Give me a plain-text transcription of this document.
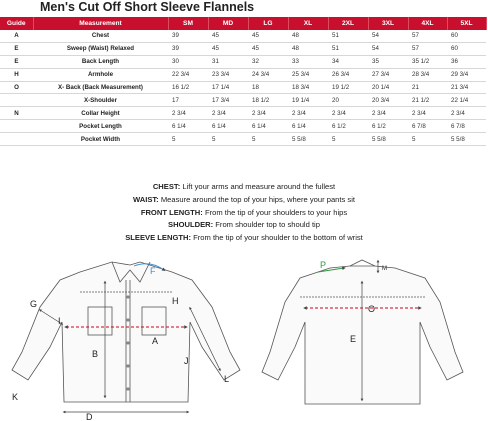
Men's Cut Off Short Sleeve Flannels
Guide	Measurement	SM	MD	LG	XL	2XL	3XL	4XL	5XL
A	Chest	39	45	45	48	51	54	57	60
E	Sweep (Waist) Relaxed	39	45	45	48	51	54	57	60
E	Back Length	30	31	32	33	34	35	35 1/2	36
H	Armhole	22 3/4	23 3/4	24 3/4	25 3/4	26 3/4	27 3/4	28 3/4	29 3/4
O	X- Back (Back Measurement)	16 1/2	17 1/4	18	18 3/4	19 1/2	20 1/4	21	21 3/4
	X-Shoulder	17	17 3/4	18 1/2	19 1/4	20	20 3/4	21 1/2	22 1/4
N	Collar Height	2 3/4	2 3/4	2 3/4	2 3/4	2 3/4	2 3/4	2 3/4	2 3/4
	Pocket Length	6 1/4	6 1/4	6 1/4	6 1/4	6 1/2	6 1/2	6 7/8	6 7/8
	Pocket Width	5	5	5	5 5/8	5	5 5/8	5	5 5/8
CHEST: Lift your arms and measure around the fullest
WAIST: Measure around the top of your hips, where your pants sit
FRONT LENGTH: From the tip of your shoulders to your hips
SHOULDER: From shoulder top to should tip
SLEEVE LENGTH: From the tip of your shoulder to the bottom of wrist
F
G	H
I
A
B
J
L
K
D
P	M
O
E
